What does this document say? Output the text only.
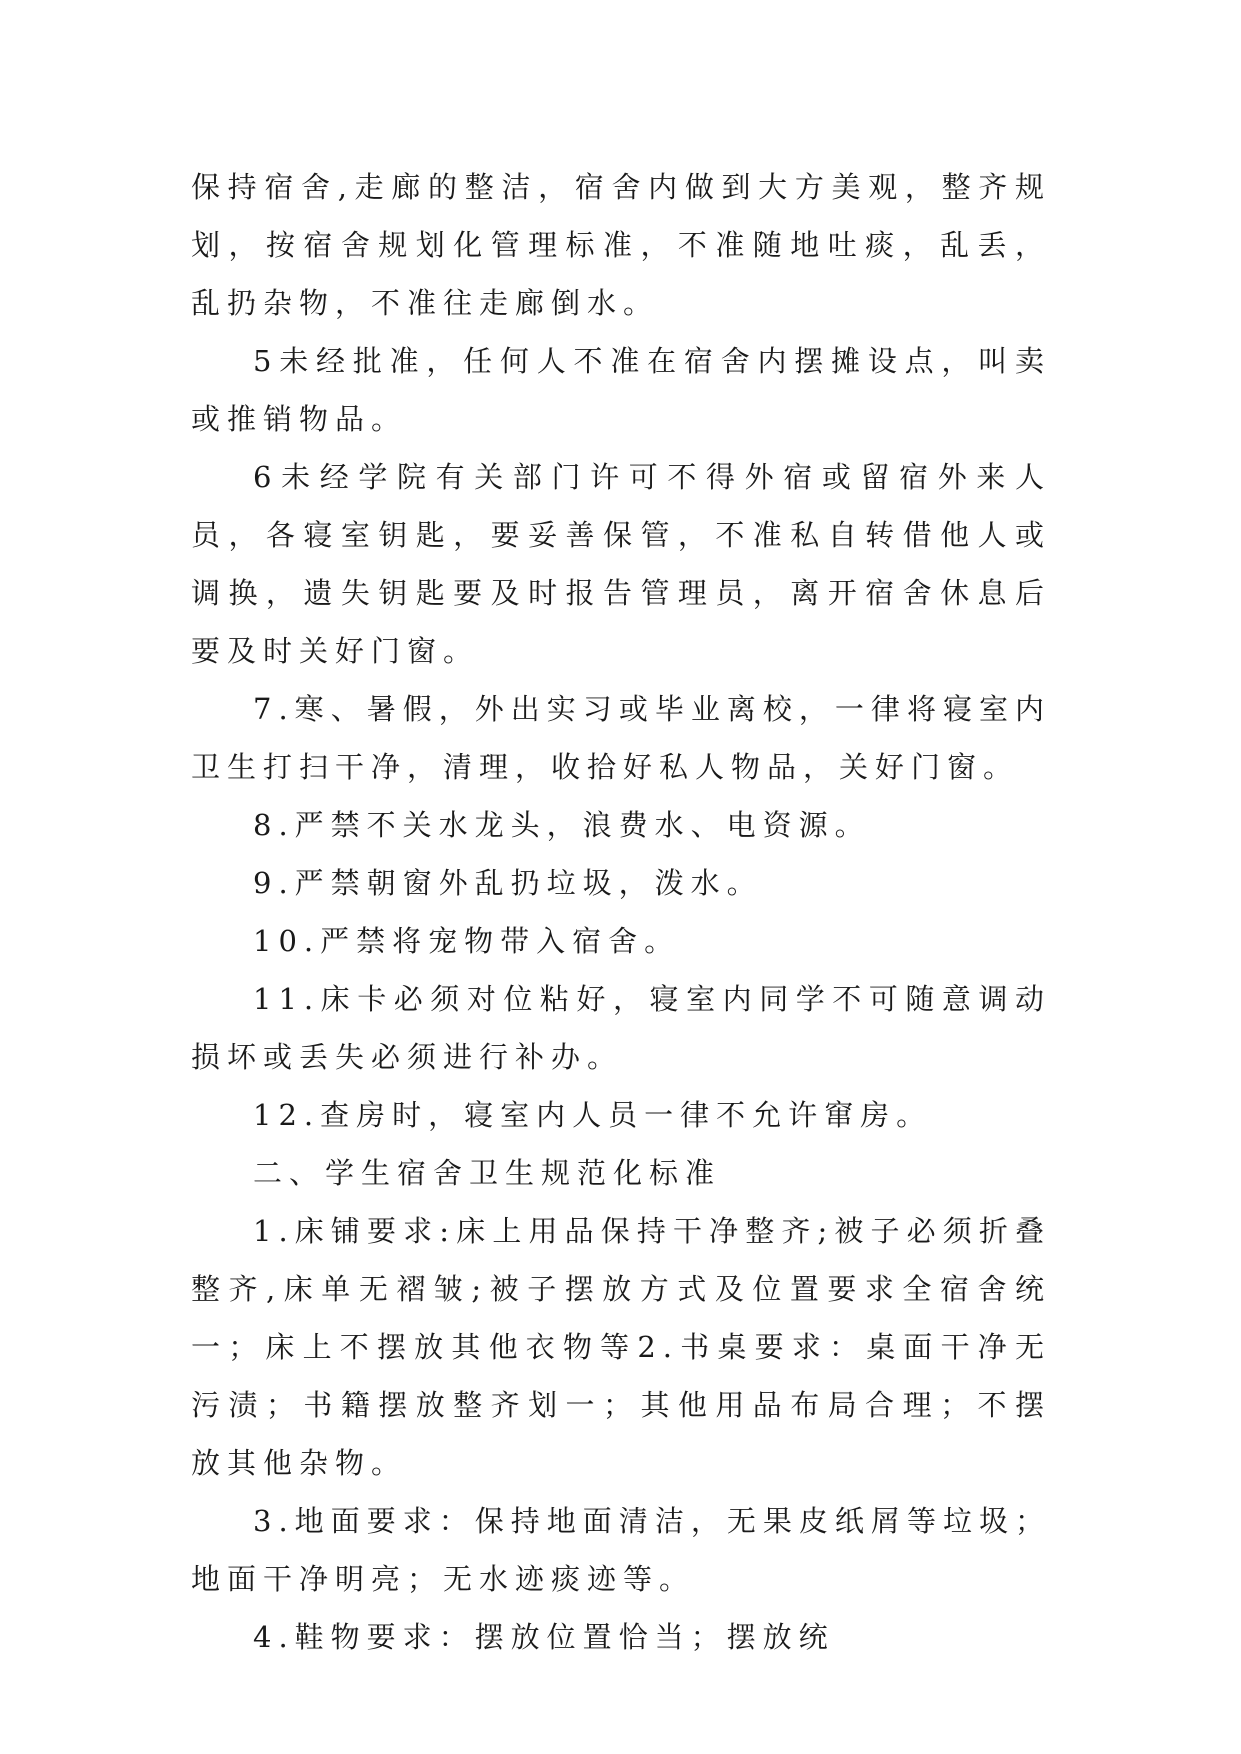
保持宿舍,走廊的整洁，宿舍内做到大方美观，整齐规划，按宿舍规划化管理标准，不准随地吐痰，乱丢，乱扔杂物，不准往走廊倒水。

5未经批准，任何人不准在宿舍内摆摊设点，叫卖或推销物品。

6未经学院有关部门许可不得外宿或留宿外来人员，各寝室钥匙，要妥善保管，不准私自转借他人或调换，遗失钥匙要及时报告管理员，离开宿舍休息后要及时关好门窗。

7.寒、暑假，外出实习或毕业离校，一律将寝室内卫生打扫干净，清理，收拾好私人物品，关好门窗。

8.严禁不关水龙头，浪费水、电资源。

9.严禁朝窗外乱扔垃圾，泼水。

10.严禁将宠物带入宿舍。

11.床卡必须对位粘好，寝室内同学不可随意调动损坏或丢失必须进行补办。

12.查房时，寝室内人员一律不允许窜房。

二、学生宿舍卫生规范化标准

1.床铺要求:床上用品保持干净整齐;被子必须折叠整齐,床单无褶皱;被子摆放方式及位置要求全宿舍统一；床上不摆放其他衣物等2.书桌要求：桌面干净无污渍；书籍摆放整齐划一；其他用品布局合理；不摆放其他杂物。

3.地面要求：保持地面清洁，无果皮纸屑等垃圾；地面干净明亮；无水迹痰迹等。

4.鞋物要求：摆放位置恰当；摆放统
